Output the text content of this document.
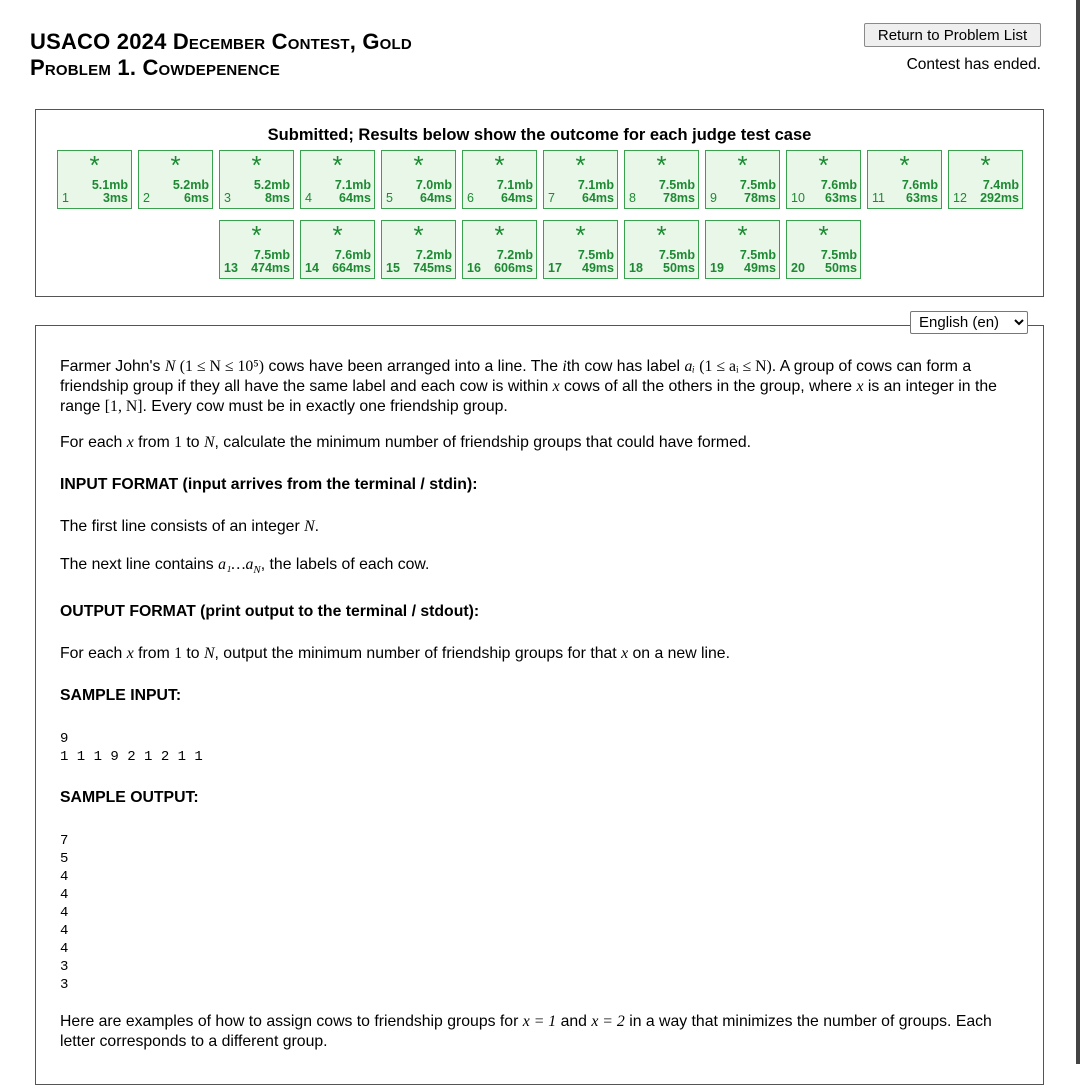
USACO 2024 December Contest, Gold
Problem 1. Cowdepenence
Return to Problem List
Contest has ended.
Submitted; Results below show the outcome for each judge test case
*
5.1mb
1	3ms
*
5.2mb
2	6ms
*
5.2mb
3	8ms
*
7.1mb
4 64ms
*
7.0mb
5 64ms
*
7.1mb
6 64ms
*
7.1mb
7 64ms
*
7.5mb
8 78ms
*
7.5mb
9 78ms
*
7.6mb
10 63ms
*
7.6mb
11 63ms
*
7.4mb
12 292ms
*
7.5mb
13 474ms
*
7.6mb
14 664ms
*
7.2mb
15 745ms
*
7.2mb
16 606ms
*
7.5mb
17 49ms
*
7.5mb
18 50ms
*
7.5mb
19 49ms
*
7.5mb
20 50ms
English (en)

Farmer John's N (1 ≤ N ≤ 10⁵) cows have been arranged into a line. The ith cow has label aᵢ (1 ≤ aᵢ ≤ N). A group of cows can form a friendship group if they all have the same label and each cow is within x cows of all the others in the group, where x is an integer in the range [1, N]. Every cow must be in exactly one friendship group.

For each x from 1 to N, calculate the minimum number of friendship groups that could have formed.

INPUT FORMAT (input arrives from the terminal / stdin):

The first line consists of an integer N.

The next line contains $a_1\dots a_N$, the labels of each cow.

OUTPUT FORMAT (print output to the terminal / stdout):

For each x from 1 to N, output the minimum number of friendship groups for that x on a new line.

SAMPLE INPUT:

9
1 1 1 9 2 1 2 1 1

SAMPLE OUTPUT:

7
5
4
4
4
4
4
3
3

Here are examples of how to assign cows to friendship groups for x = 1 and x = 2 in a way that minimizes the number of groups. Each letter corresponds to a different group.
